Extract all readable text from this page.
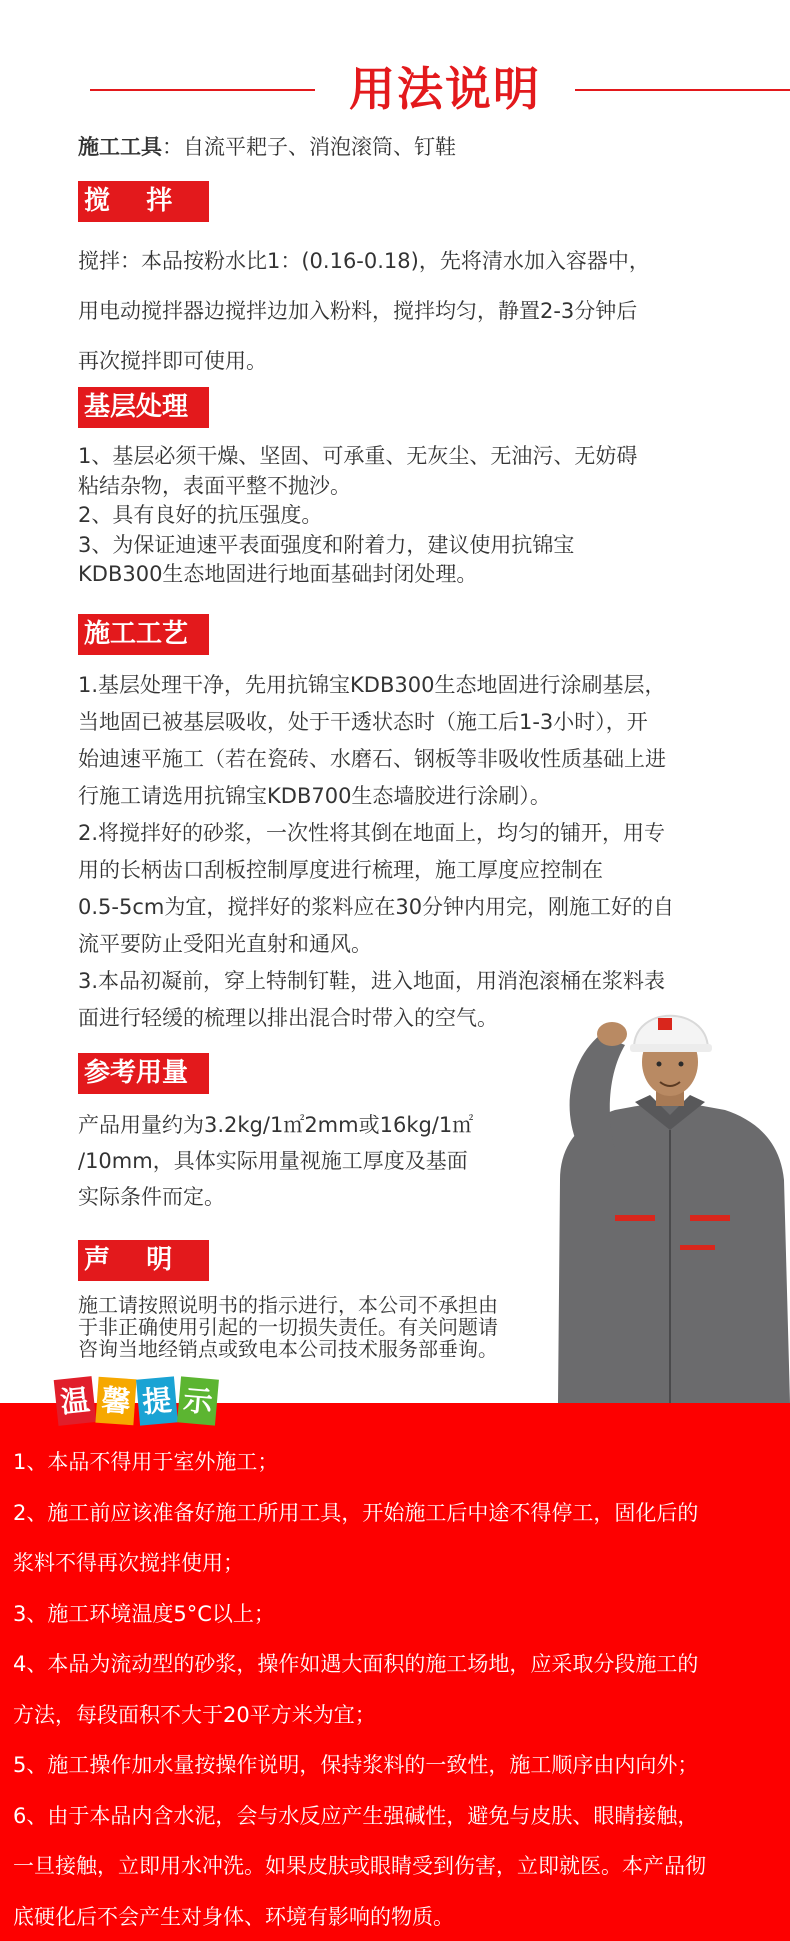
用法说明
施工工具：自流平耙子、消泡滚筒、钉鞋
搅    拌

搅拌：本品按粉水比1：(0.16-0.18)，先将清水加入容器中，

用电动搅拌器边搅拌边加入粉料，搅拌均匀，静置2-3分钟后

再次搅拌即可使用。

基层处理

1、基层必须干燥、坚固、可承重、无灰尘、无油污、无妨碍

粘结杂物，表面平整不抛沙。

2、具有良好的抗压强度。

3、为保证迪速平表面强度和附着力，建议使用抗锦宝

KDB300生态地固进行地面基础封闭处理。

施工工艺

1.基层处理干净，先用抗锦宝KDB300生态地固进行涂刷基层，

当地固已被基层吸收，处于干透状态时（施工后1-3小时），开

始迪速平施工（若在瓷砖、水磨石、钢板等非吸收性质基础上进

行施工请选用抗锦宝KDB700生态墙胶进行涂刷）。

2.将搅拌好的砂浆，一次性将其倒在地面上，均匀的铺开，用专

用的长柄齿口刮板控制厚度进行梳理，施工厚度应控制在

0.5-5cm为宜，搅拌好的浆料应在30分钟内用完，刚施工好的自

流平要防止受阳光直射和通风。

3.本品初凝前，穿上特制钉鞋，进入地面，用消泡滚桶在浆料表

面进行轻缓的梳理以排出混合时带入的空气。

参考用量

产品用量约为3.2kg/1㎡2mm或16kg/1㎡

/10mm，具体实际用量视施工厚度及基面

实际条件而定。

声    明

施工请按照说明书的指示进行，本公司不承担由

于非正确使用引起的一切损失责任。有关问题请

咨询当地经销点或致电本公司技术服务部垂询。

温 馨 提 示

1、本品不得用于室外施工；

2、施工前应该准备好施工所用工具，开始施工后中途不得停工，固化后的

浆料不得再次搅拌使用；

3、施工环境温度5°C以上；

4、本品为流动型的砂浆，操作如遇大面积的施工场地，应采取分段施工的

方法，每段面积不大于20平方米为宜；

5、施工操作加水量按操作说明，保持浆料的一致性，施工顺序由内向外；

6、由于本品内含水泥，会与水反应产生强碱性，避免与皮肤、眼睛接触，

一旦接触，立即用水冲洗。如果皮肤或眼睛受到伤害，立即就医。本产品彻

底硬化后不会产生对身体、环境有影响的物质。
